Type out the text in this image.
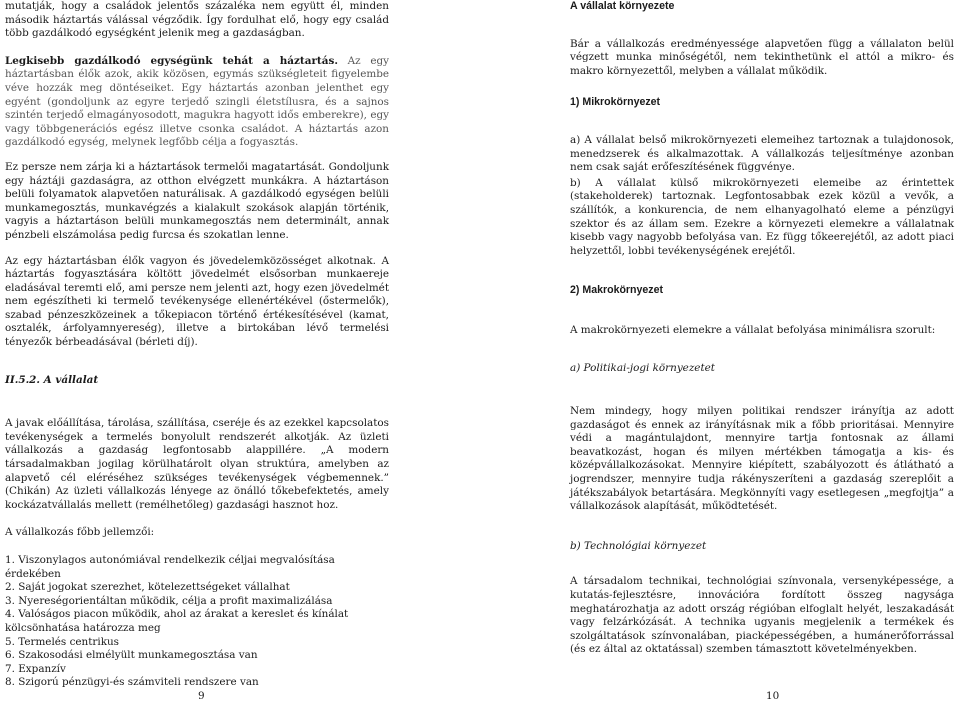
mutatják, hogy a családok jelentős százaléka nem együtt él, minden második háztartás válással végződik. Így fordulhat elő, hogy egy család több gazdálkodó egységként jelenik meg a gazdaságban.

Legkisebb gazdálkodó egységünk tehát a háztartás. Az egy háztartásban élők azok, akik közösen, egymás szükségleteit figyelembe véve hozzák meg döntéseiket. Egy háztartás azonban jelenthet egy egyént (gondoljunk az egyre terjedő szingli életstílusra, és a sajnos szintén terjedő elmagányosodott, magukra hagyott idős emberekre), egy vagy többgenerációs egész illetve csonka családot. A háztartás azon gazdálkodó egység, melynek legfőbb célja a fogyasztás.

Ez persze nem zárja ki a háztartások termelői magatartását. Gondoljunk egy háztáji gazdaságra, az otthon elvégzett munkákra. A háztartáson belüli folyamatok alapvetően naturálisak. A gazdálkodó egységen belüli munkamegosztás, munkavégzés a kialakult szokások alapján történik, vagyis a háztartáson belüli munkamegosztás nem determinált, annak pénzbeli elszámolása pedig furcsa és szokatlan lenne.

Az egy háztartásban élők vagyon és jövedelemközösséget alkotnak. A háztartás fogyasztására költött jövedelmét elsősorban munkaereje eladásával teremti elő, ami persze nem jelenti azt, hogy ezen jövedelmét nem egészítheti ki termelő tevékenysége ellenértékével (őstermelők), szabad pénzeszközeinek a tőkepiacon történő értékesítésével (kamat, osztalék, árfolyamnyereség), illetve a birtokában lévő termelési tényezők bérbeadásával (bérleti díj).

II.5.2. A vállalat

A javak előállítása, tárolása, szállítása, cseréje és az ezekkel kapcsolatos tevékenységek a termelés bonyolult rendszerét alkotják. Az üzleti vállalkozás a gazdaság legfontosabb alappillére. „A modern társadalmakban jogilag körülhatárolt olyan struktúra, amelyben az alapvető cél eléréséhez szükséges tevékenységek végbemennek.” (Chikán) Az üzleti vállalkozás lényege az önálló tőkebefektetés, amely kockázatvállalás mellett (remélhetőleg) gazdasági hasznot hoz.

A vállalkozás főbb jellemzői:
1. Viszonylagos autonómiával rendelkezik céljai megvalósítása érdekében
2. Saját jogokat szerezhet, kötelezettségeket vállalhat
3. Nyereségorientáltan működik, célja a profit maximalizálása
4. Valóságos piacon működik, ahol az árakat a kereslet és kínálat
kölcsönhatása határozza meg
5. Termelés centrikus
6. Szakosodási elmélyült munkamegosztása van
7. Expanzív
8. Szigorú pénzügyi-és számviteli rendszere van
A vállalat környezete

Bár a vállalkozás eredményessége alapvetően függ a vállalaton belül végzett munka minőségétől, nem tekinthetünk el attól a mikro- és makro környezettől, melyben a vállalat működik.

1) Mikrokörnyezet

a) A vállalat belső mikrokörnyezeti elemeihez tartoznak a tulajdonosok, menedzserek és alkalmazottak. A vállalkozás teljesítménye azonban nem csak saját erőfeszítésének függvénye.

b) A vállalat külső mikrokörnyezeti elemeibe az érintettek (stakeholderek) tartoznak. Legfontosabbak ezek közül a vevők, a szállítók, a konkurencia, de nem elhanyagolható eleme a pénzügyi szektor és az állam sem. Ezekre a környezeti elemekre a vállalatnak kisebb vagy nagyobb befolyása van. Ez függ tőkeerejétől, az adott piaci helyzettől, lobbi tevékenységének erejétől.

2) Makrokörnyezet

A makrokörnyezeti elemekre a vállalat befolyása minimálisra szorult:

a) Politikai-jogi környezetet

Nem mindegy, hogy milyen politikai rendszer irányítja az adott gazdaságot és ennek az irányításnak mik a főbb prioritásai. Mennyire védi a magántulajdont, mennyire tartja fontosnak az állami beavatkozást, hogan és milyen mértékben támogatja a kis- és középvállalkozásokat. Mennyire kiépített, szabályozott és átlátható a jogrendszer, mennyire tudja rákényszeríteni a gazdaság szereplőit a játékszabályok betartására. Megkönnyíti vagy esetlegesen „megfojtja” a vállalkozások alapítását, működtetését.

b) Technológiai környezet

A társadalom technikai, technológiai színvonala, versenyképessége, a kutatás-fejlesztésre, innovációra fordított összeg nagysága meghatározhatja az adott ország régióban elfoglalt helyét, leszakadását vagy felzárkózását. A technika ugyanis megjelenik a termékek és szolgáltatások színvonalában, piacképességében, a humánerőforrással (és ez által az oktatással) szemben támasztott követelményekben.

9	10
